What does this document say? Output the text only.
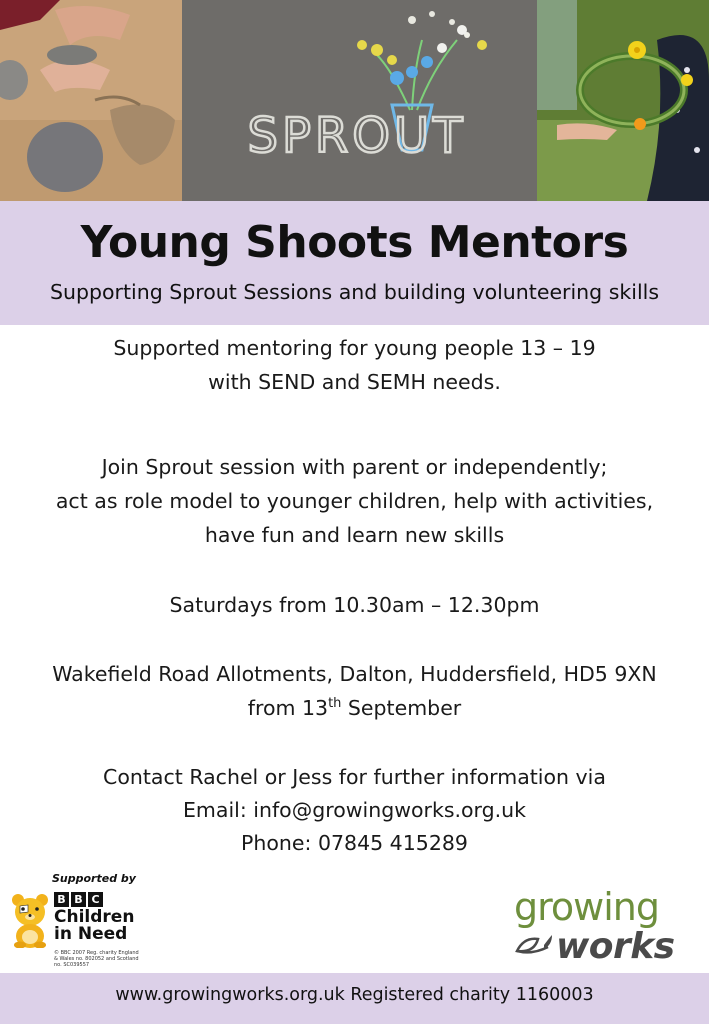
SPROUT
Young Shoots Mentors
Supporting Sprout Sessions and building volunteering skills
Supported mentoring for young people 13 – 19
with SEND and SEMH needs.
Join Sprout session with parent or independently;
act as role model to younger children, help with activities,
have fun and learn new skills
Saturdays from 10.30am – 12.30pm
Wakefield Road Allotments, Dalton, Huddersfield, HD5 9XN
from 13th September
Contact Rachel or Jess for further information via
Email: info@growingworks.org.uk
Phone: 07845 415289
Supported by
B B C
Children
in Need
© BBC 2007 Reg. charity England & Wales no. 802052 and Scotland no. SC039557
growing
works
www.growingworks.org.uk Registered charity 1160003
